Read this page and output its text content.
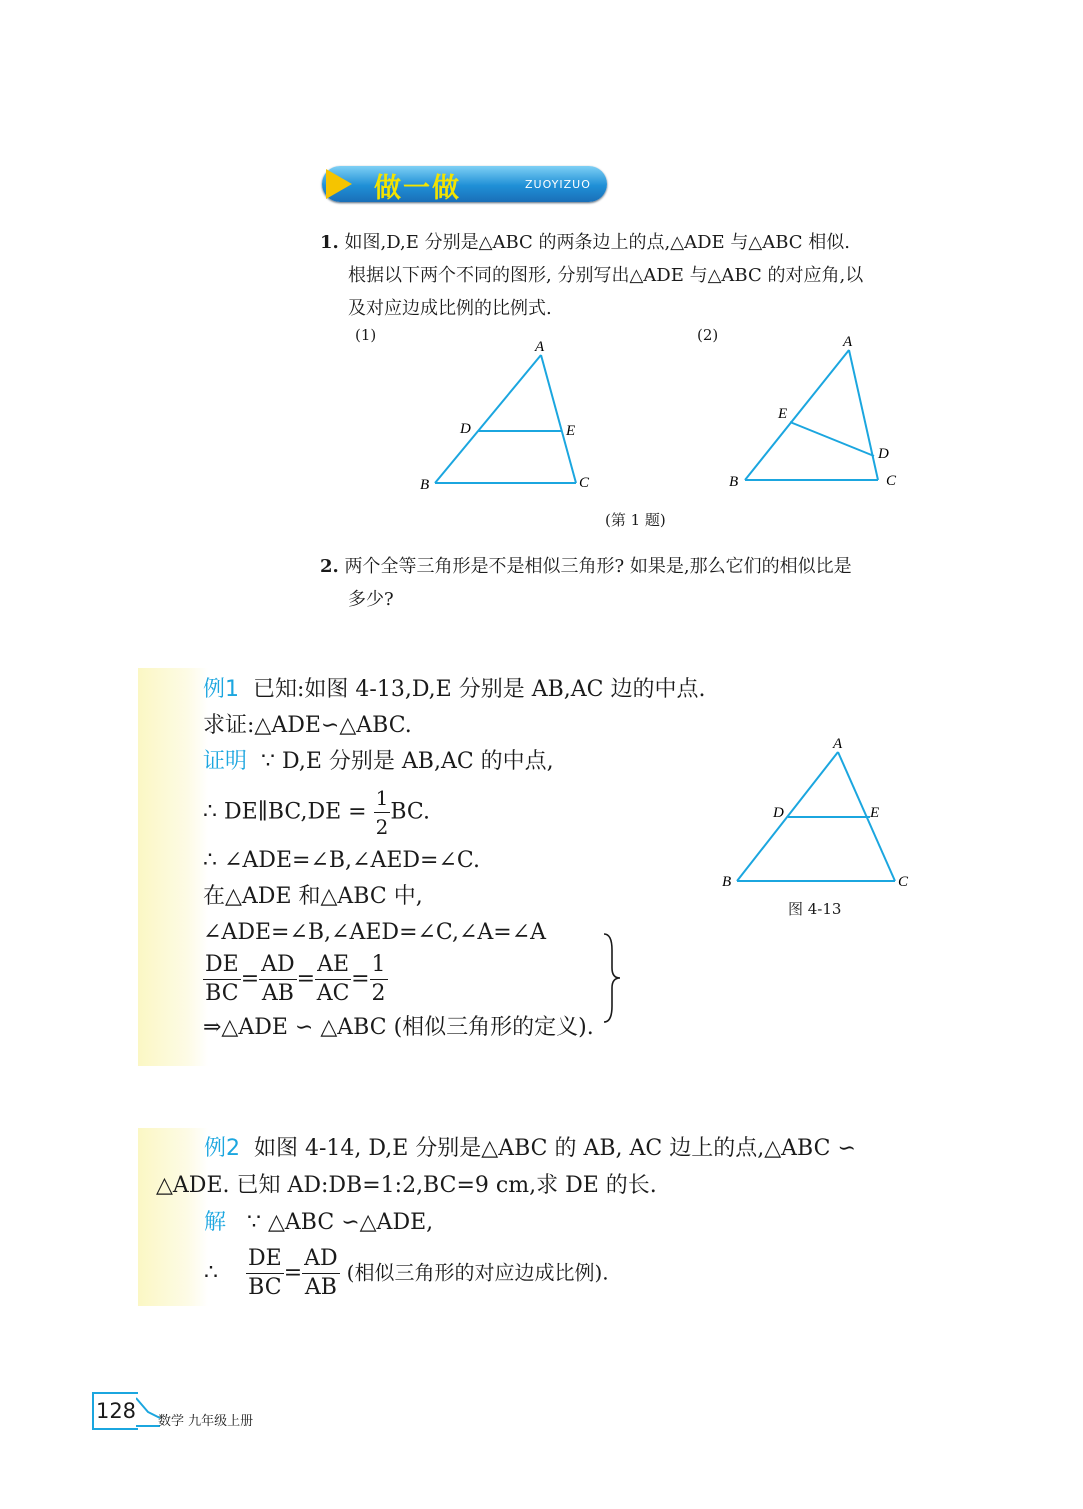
做一做	ZUOYIZUO
1. 如图,D,E 分别是△ABC 的两条边上的点,△ADE 与△ABC 相似.
根据以下两个不同的图形, 分别写出△ADE 与△ABC 的对应角,以
及对应边成比例的比例式.
(1)	(2)
A
D	E
B	C
A
E
D
B	C
(第 1 题)
2. 两个全等三角形是不是相似三角形? 如果是,那么它们的相似比是
多少?
例1 已知:如图 4-13,D,E 分别是 AB,AC 边的中点.
求证:△ADE∽△ABC.
证明 ∵ D,E 分别是 AB,AC 的中点,
∴ DE∥BC,DE = $\frac{1}{2}$ BC.
∴ ∠ADE=∠B,∠AED=∠C.
在△ADE 和△ABC 中,
∠ADE=∠B,∠AED=∠C,∠A=∠A
$\frac{DE}{BC} = \frac{AD}{AB} = \frac{AE}{AC} = \frac{1}{2}$
⇒△ADE ∽ △ABC (相似三角形的定义).
A
D	E
B	C
图 4-13
例2 如图 4-14, D,E 分别是△ABC 的 AB, AC 边上的点,△ABC ∽
△ADE. 已知 AD:DB=1:2,BC=9 cm,求 DE 的长.
解 ∵ △ABC ∽△ADE,
∴ $\frac{DE}{BC} = \frac{AD}{AB}$ (相似三角形的对应边成比例).
128 数学 九年级上册
